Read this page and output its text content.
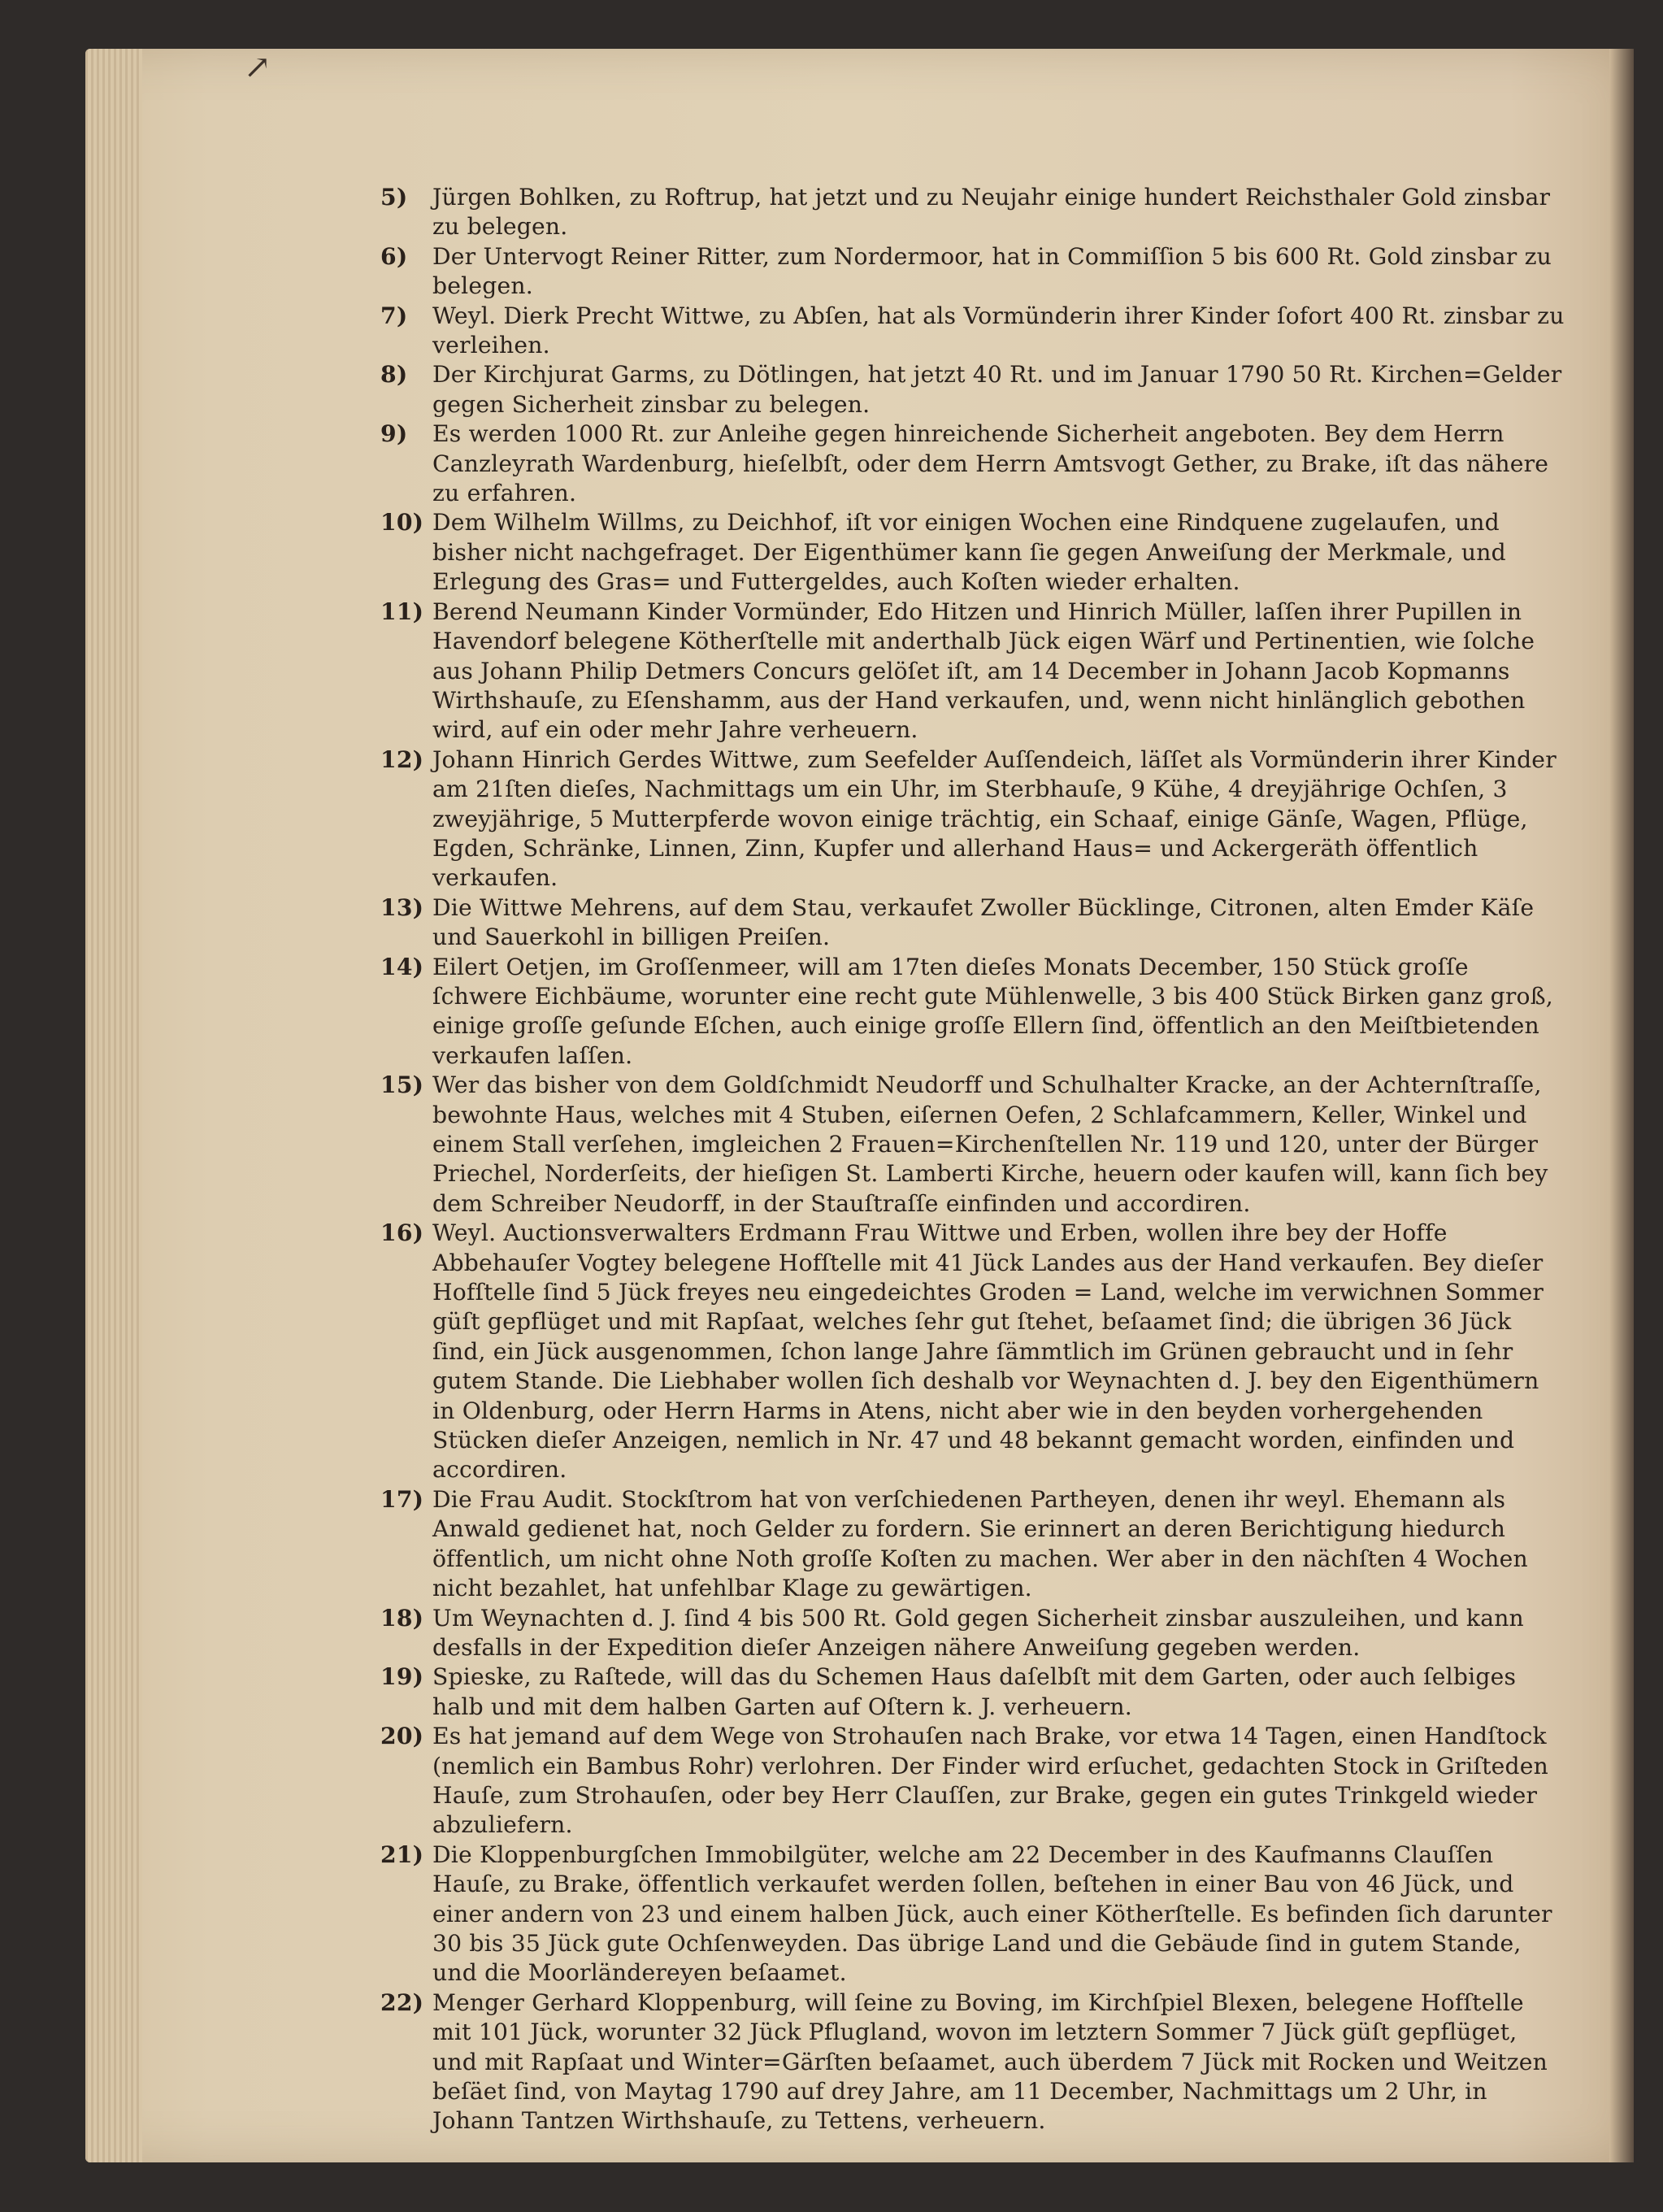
↗

5) Jürgen Bohlken, zu Roftrup, hat jetzt und zu Neujahr einige hundert Reichsthaler Gold zinsbar zu belegen.

6) Der Untervogt Reiner Ritter, zum Nordermoor, hat in Commiſſion 5 bis 600 Rt. Gold zinsbar zu belegen.

7) Weyl. Dierk Precht Wittwe, zu Abſen, hat als Vormünderin ihrer Kinder ſofort 400 Rt. zinsbar zu verleihen.

8) Der Kirchjurat Garms, zu Dötlingen, hat jetzt 40 Rt. und im Januar 1790 50 Rt. Kirchen=Gelder gegen Sicherheit zinsbar zu belegen.

9) Es werden 1000 Rt. zur Anleihe gegen hinreichende Sicherheit angeboten. Bey dem Herrn Canzleyrath Wardenburg, hieſelbſt, oder dem Herrn Amtsvogt Gether, zu Brake, iſt das nähere zu erfahren.

10) Dem Wilhelm Willms, zu Deichhof, iſt vor einigen Wochen eine Rindquene zugelaufen, und bisher nicht nachgefraget. Der Eigenthümer kann ſie gegen Anweiſung der Merkmale, und Erlegung des Gras= und Futtergeldes, auch Koſten wieder erhalten.

11) Berend Neumann Kinder Vormünder, Edo Hitzen und Hinrich Müller, laſſen ihrer Pupillen in Havendorf belegene Kötherſtelle mit anderthalb Jück eigen Wärf und Pertinentien, wie ſolche aus Johann Philip Detmers Concurs gelöſet iſt, am 14 December in Johann Jacob Kopmanns Wirthshauſe, zu Eſenshamm, aus der Hand verkaufen, und, wenn nicht hinlänglich gebothen wird, auf ein oder mehr Jahre verheuern.

12) Johann Hinrich Gerdes Wittwe, zum Seefelder Auſſendeich, läſſet als Vormünderin ihrer Kinder am 21ſten dieſes, Nachmittags um ein Uhr, im Sterbhauſe, 9 Kühe, 4 dreyjährige Ochſen, 3 zweyjährige, 5 Mutterpferde wovon einige trächtig, ein Schaaf, einige Gänſe, Wagen, Pflüge, Egden, Schränke, Linnen, Zinn, Kupfer und allerhand Haus= und Ackergeräth öffentlich verkaufen.

13) Die Wittwe Mehrens, auf dem Stau, verkaufet Zwoller Bücklinge, Citronen, alten Emder Käſe und Sauerkohl in billigen Preiſen.

14) Eilert Oetjen, im Groſſenmeer, will am 17ten dieſes Monats December, 150 Stück groſſe ſchwere Eichbäume, worunter eine recht gute Mühlenwelle, 3 bis 400 Stück Birken ganz groß, einige groſſe geſunde Eſchen, auch einige groſſe Ellern ſind, öffentlich an den Meiſtbietenden verkaufen laſſen.

15) Wer das bisher von dem Goldſchmidt Neudorff und Schulhalter Kracke, an der Achternſtraſſe, bewohnte Haus, welches mit 4 Stuben, eiſernen Oefen, 2 Schlafcammern, Keller, Winkel und einem Stall verſehen, imgleichen 2 Frauen=Kirchenſtellen Nr. 119 und 120, unter der Bürger Priechel, Norderſeits, der hieſigen St. Lamberti Kirche, heuern oder kaufen will, kann ſich bey dem Schreiber Neudorff, in der Stauſtraſſe einfinden und accordiren.

16) Weyl. Auctionsverwalters Erdmann Frau Wittwe und Erben, wollen ihre bey der Hoffe Abbehauſer Vogtey belegene Hofſtelle mit 41 Jück Landes aus der Hand verkaufen. Bey dieſer Hofſtelle ſind 5 Jück freyes neu eingedeichtes Groden = Land, welche im verwichnen Sommer güſt gepflüget und mit Rapſaat, welches ſehr gut ſtehet, beſaamet ſind; die übrigen 36 Jück ſind, ein Jück ausgenommen, ſchon lange Jahre ſämmtlich im Grünen gebraucht und in ſehr gutem Stande. Die Liebhaber wollen ſich deshalb vor Weynachten d. J. bey den Eigenthümern in Oldenburg, oder Herrn Harms in Atens, nicht aber wie in den beyden vorhergehenden Stücken dieſer Anzeigen, nemlich in Nr. 47 und 48 bekannt gemacht worden, einfinden und accordiren.

17) Die Frau Audit. Stockſtrom hat von verſchiedenen Partheyen, denen ihr weyl. Ehemann als Anwald gedienet hat, noch Gelder zu fordern. Sie erinnert an deren Berichtigung hiedurch öffentlich, um nicht ohne Noth groſſe Koſten zu machen. Wer aber in den nächſten 4 Wochen nicht bezahlet, hat unfehlbar Klage zu gewärtigen.

18) Um Weynachten d. J. ſind 4 bis 500 Rt. Gold gegen Sicherheit zinsbar auszuleihen, und kann desfalls in der Expedition dieſer Anzeigen nähere Anweiſung gegeben werden.

19) Spieske, zu Raſtede, will das du Schemen Haus daſelbſt mit dem Garten, oder auch ſelbiges halb und mit dem halben Garten auf Oſtern k. J. verheuern.

20) Es hat jemand auf dem Wege von Strohauſen nach Brake, vor etwa 14 Tagen, einen Handſtock (nemlich ein Bambus Rohr) verlohren. Der Finder wird erſuchet, gedachten Stock in Griſteden Hauſe, zum Strohauſen, oder bey Herr Clauſſen, zur Brake, gegen ein gutes Trinkgeld wieder abzuliefern.

21) Die Kloppenburgſchen Immobilgüter, welche am 22 December in des Kaufmanns Clauſſen Hauſe, zu Brake, öffentlich verkaufet werden ſollen, beſtehen in einer Bau von 46 Jück, und einer andern von 23 und einem halben Jück, auch einer Kötherſtelle. Es befinden ſich darunter 30 bis 35 Jück gute Ochſenweyden. Das übrige Land und die Gebäude ſind in gutem Stande, und die Moorländereyen beſaamet.

22) Menger Gerhard Kloppenburg, will ſeine zu Boving, im Kirchſpiel Blexen, belegene Hofſtelle mit 101 Jück, worunter 32 Jück Pflugland, wovon im letztern Sommer 7 Jück güſt gepflüget, und mit Rapſaat und Winter=Gärſten beſaamet, auch überdem 7 Jück mit Rocken und Weitzen beſäet ſind, von Maytag 1790 auf drey Jahre, am 11 December, Nachmittags um 2 Uhr, in Johann Tantzen Wirthshauſe, zu Tettens, verheuern.
